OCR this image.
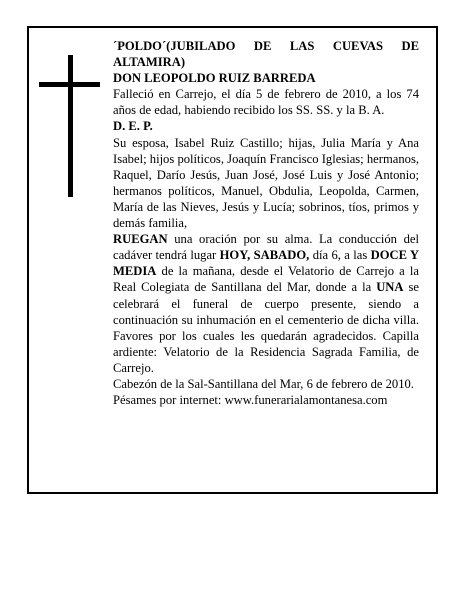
´POLDO´(JUBILADO DE LAS CUEVAS DE ALTAMIRA)

DON LEOPOLDO RUIZ BARREDA

Falleció en Carrejo, el día 5 de febrero de 2010, a los 74 años de edad, habiendo recibido los SS. SS. y la B. A.

D. E. P.

Su esposa, Isabel Ruiz Castillo; hijas, Julia María y Ana Isabel; hijos políticos, Joaquín Francisco Iglesias; hermanos, Raquel, Darío Jesús, Juan José, José Luis y José Antonio; hermanos políticos, Manuel, Obdulia, Leopolda, Carmen, María de las Nieves, Jesús y Lucía; sobrinos, tíos, primos y demás familia,

RUEGAN una oración por su alma. La conducción del cadáver tendrá lugar HOY, SABADO, día 6, a las DOCE Y MEDIA de la mañana, desde el Velatorio de Carrejo a la Real Colegiata de Santillana del Mar, donde a la UNA se celebrará el funeral de cuerpo presente, siendo a continuación su inhumación en el cementerio de dicha villa. Favores por los cuales les quedarán agradecidos. Capilla ardiente: Velatorio de la Residencia Sagrada Familia, de Carrejo.

Cabezón de la Sal-Santillana del Mar, 6 de febrero de 2010.

Pésames por internet: www.funerarialamontanesa.com
